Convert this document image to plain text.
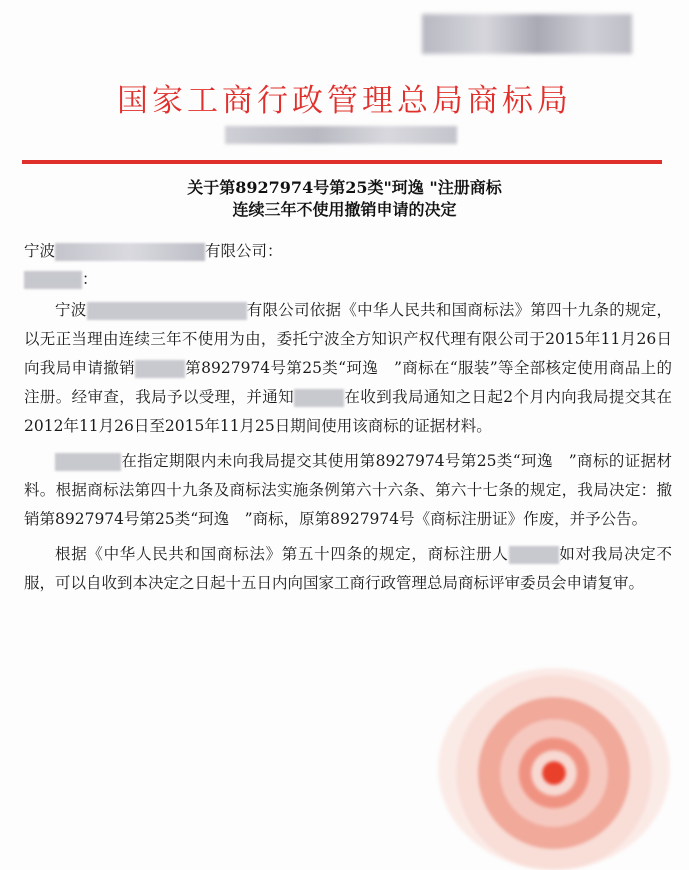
国家工商行政管理总局商标局
关于第8927974号第25类"珂逸 "注册商标
连续三年不使用撤销申请的决定
宁波	有限公司：
：

宁波	有限公司依据《中华人民共和国商标法》第四十九条的规定，以无正当理由连续三年不使用为由，委托宁波全方知识产权代理有限公司于2015年11月26日向我局申请撤销	第8927974号第25类“珂逸　”商标在“服装”等全部核定使用商品上的注册。经审查，我局予以受理，并通知	在收到我局通知之日起2个月内向我局提交其在2012年11月26日至2015年11月25日期间使用该商标的证据材料。

在指定期限内未向我局提交其使用第8927974号第25类“珂逸　”商标的证据材料。根据商标法第四十九条及商标法实施条例第六十六条、第六十七条的规定，我局决定：撤销第8927974号第25类“珂逸　”商标，原第8927974号《商标注册证》作废，并予公告。

根据《中华人民共和国商标法》第五十四条的规定，商标注册人	如对我局决定不服，可以自收到本决定之日起十五日内向国家工商行政管理总局商标评审委员会申请复审。
